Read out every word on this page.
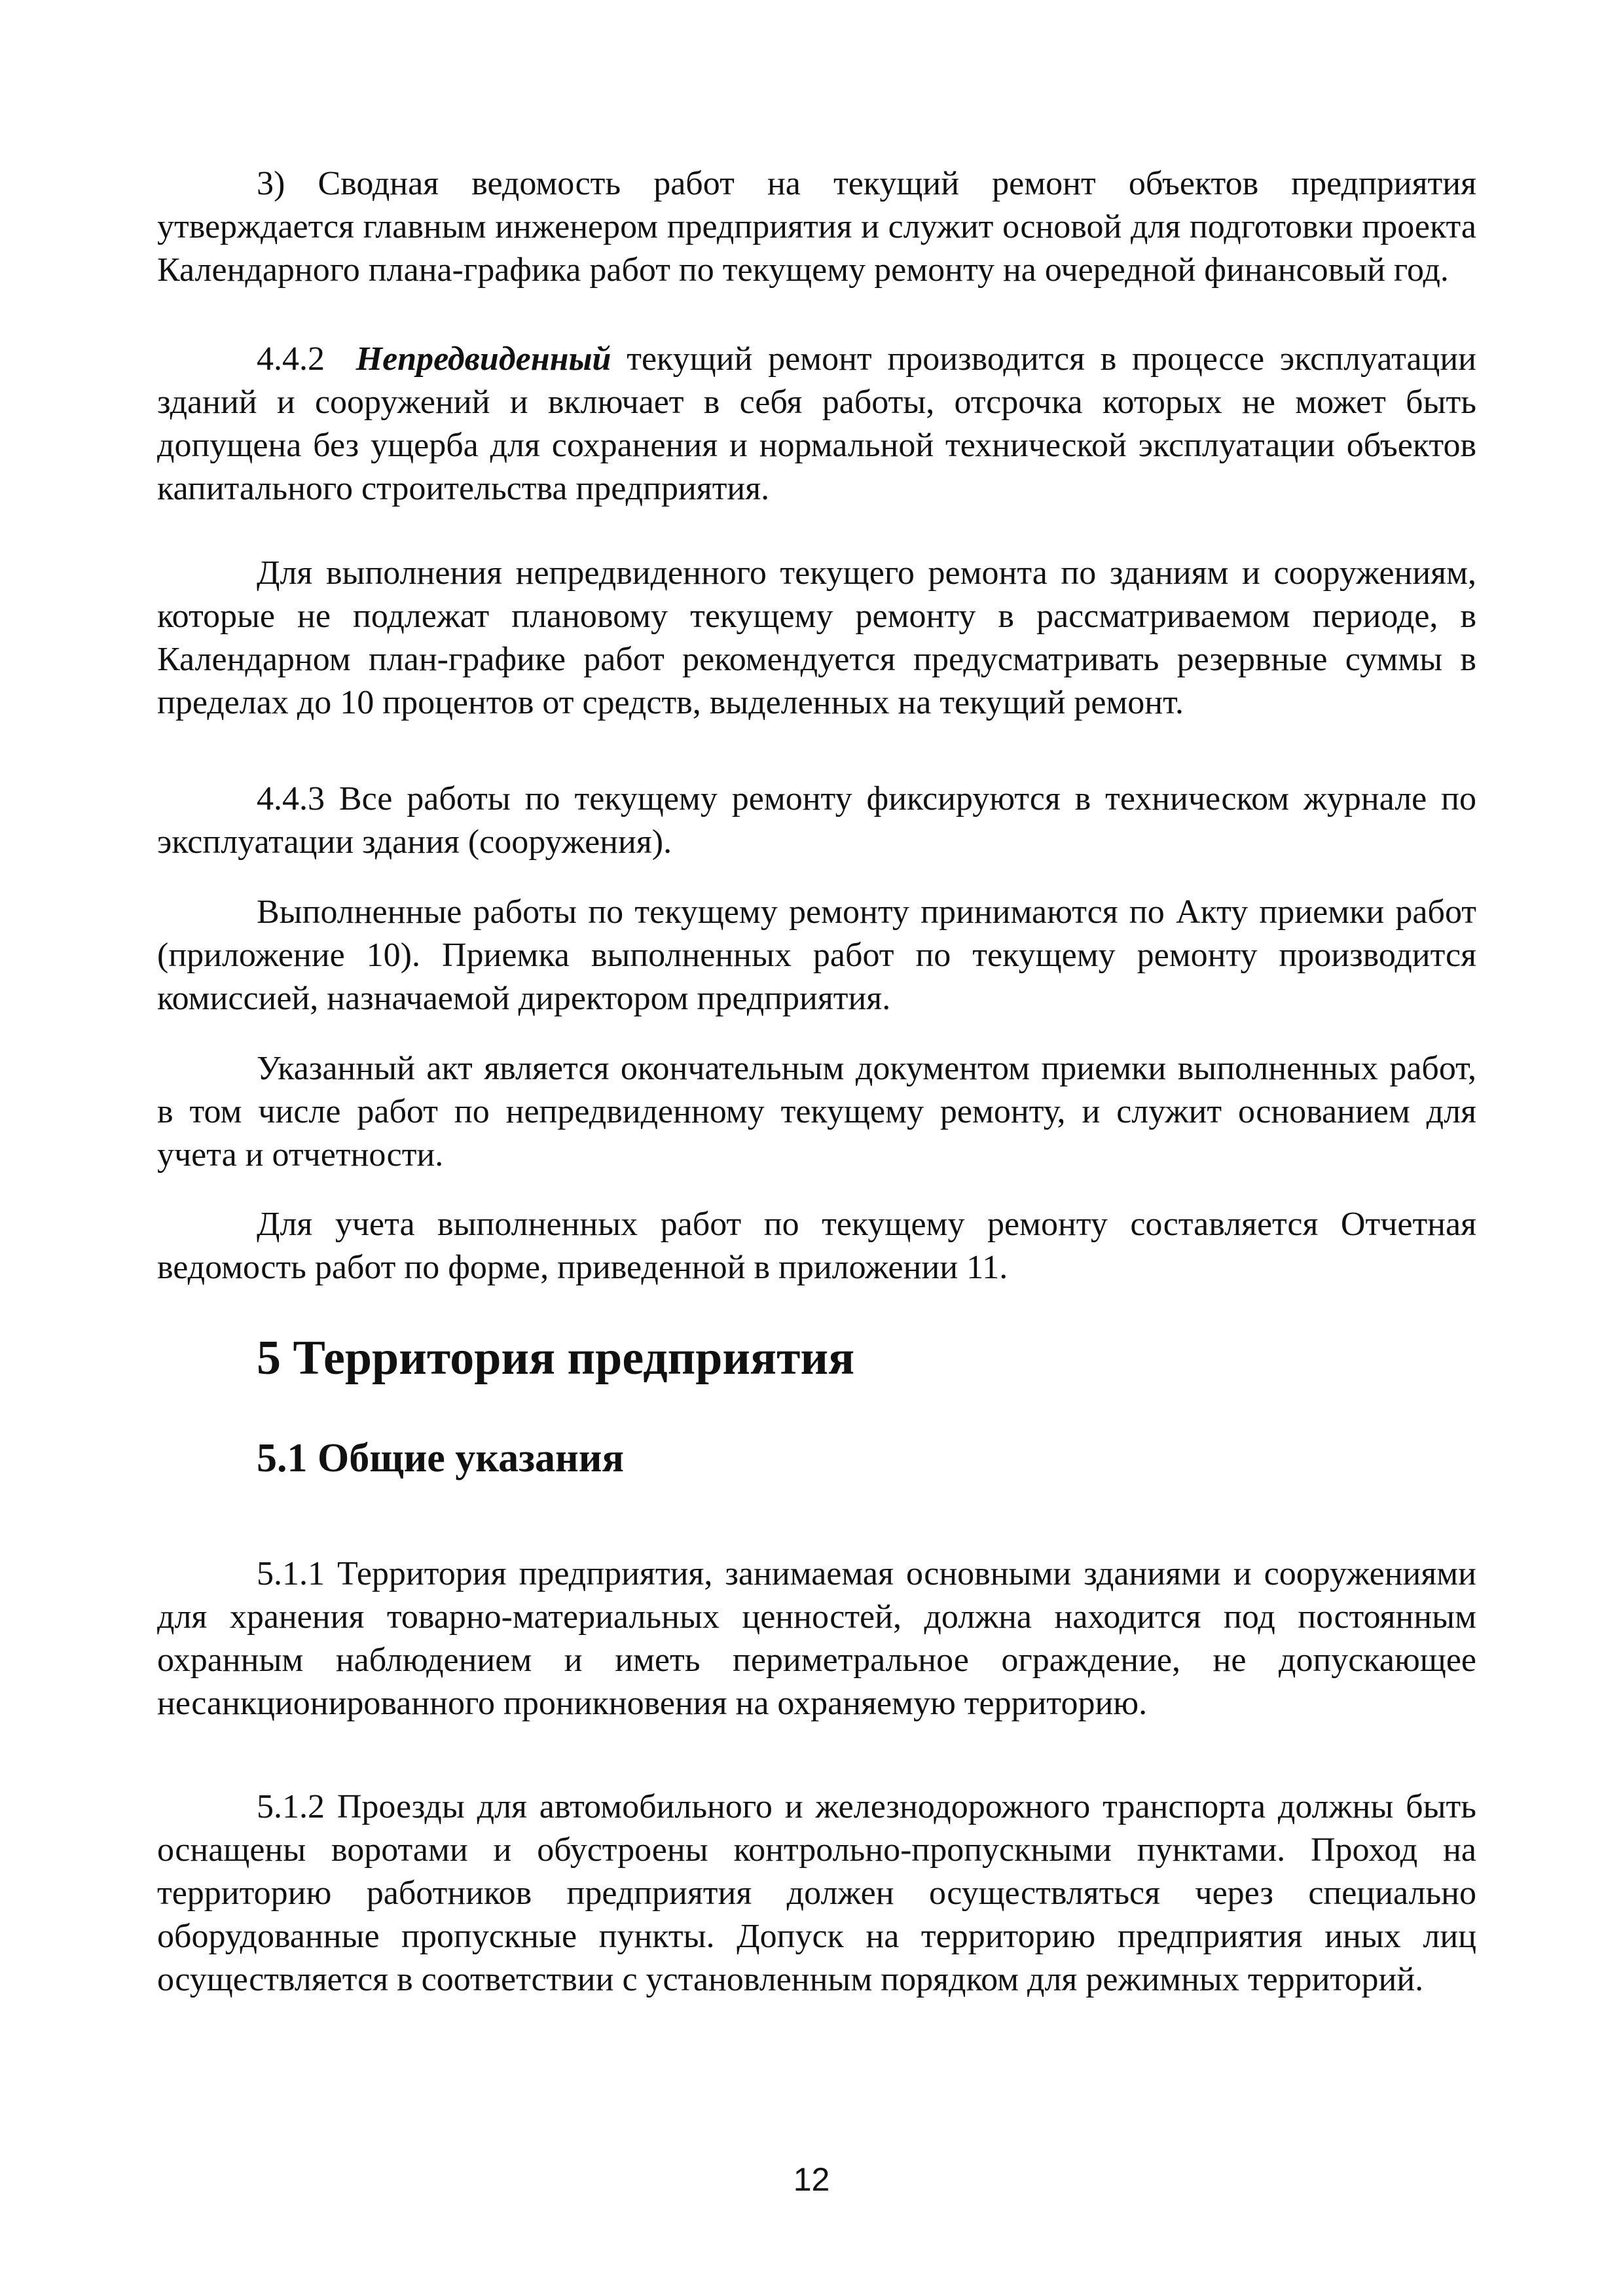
3) Сводная ведомость работ на текущий ремонт объектов предприятия утверждается главным инженером предприятия и служит основой для подготовки проекта Календарного плана-графика работ по текущему ремонту на очередной финансовый год.

4.4.2 Непредвиденный текущий ремонт производится в процессе эксплуатации зданий и сооружений и включает в себя работы, отсрочка которых не может быть допущена без ущерба для сохранения и нормальной технической эксплуатации объектов капитального строительства предприятия.

Для выполнения непредвиденного текущего ремонта по зданиям и сооружениям, которые не подлежат плановому текущему ремонту в рассматриваемом периоде, в Календарном план-графике работ рекомендуется предусматривать резервные суммы в пределах до 10 процентов от средств, выделенных на текущий ремонт.

4.4.3 Все работы по текущему ремонту фиксируются в техническом журнале по эксплуатации здания (сооружения).

Выполненные работы по текущему ремонту принимаются по Акту приемки работ (приложение 10). Приемка выполненных работ по текущему ремонту производится комиссией, назначаемой директором предприятия.

Указанный акт является окончательным документом приемки выполненных работ, в том числе работ по непредвиденному текущему ремонту, и служит основанием для учета и отчетности.

Для учета выполненных работ по текущему ремонту составляется Отчетная ведомость работ по форме, приведенной в приложении 11.

5 Территория предприятия
5.1 Общие указания

5.1.1 Территория предприятия, занимаемая основными зданиями и сооружениями для хранения товарно-материальных ценностей, должна находится под постоянным охранным наблюдением и иметь периметральное ограждение, не допускающее несанкционированного проникновения на охраняемую территорию.

5.1.2 Проезды для автомобильного и железнодорожного транспорта должны быть оснащены воротами и обустроены контрольно-пропускными пунктами. Проход на территорию работников предприятия должен осуществляться через специально оборудованные пропускные пункты. Допуск на территорию предприятия иных лиц осуществляется в соответствии с установленным порядком для режимных территорий.

12
